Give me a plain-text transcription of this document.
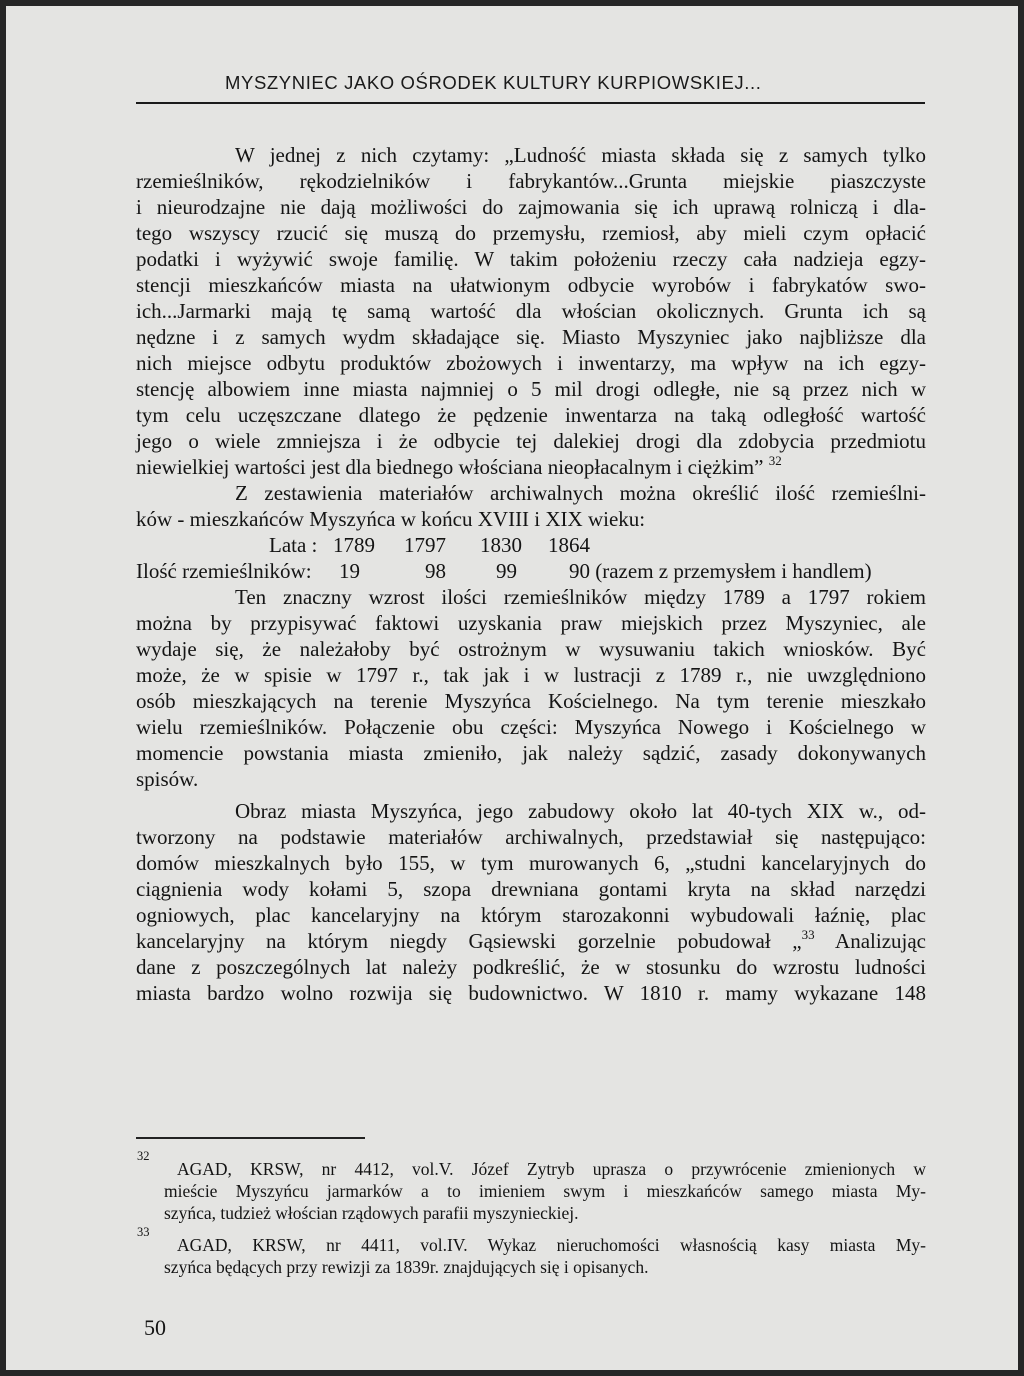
MYSZYNIEC JAKO OŚRODEK KULTURY KURPIOWSKIEJ...
W jednej z nich czytamy: „Ludność miasta składa się z samych tylko
rzemieślników, rękodzielników i fabrykantów...Grunta miejskie piaszczyste
i nieurodzajne nie dają możliwości do zajmowania się ich uprawą rolniczą i dla-
tego wszyscy rzucić się muszą do przemysłu, rzemiosł, aby mieli czym opłacić
podatki i wyżywić swoje familię. W takim położeniu rzeczy cała nadzieja egzy-
stencji mieszkańców miasta na ułatwionym odbycie wyrobów i fabrykatów swo-
ich...Jarmarki mają tę samą wartość dla włościan okolicznych. Grunta ich są
nędzne i z samych wydm składające się. Miasto Myszyniec jako najbliższe dla
nich miejsce odbytu produktów zbożowych i inwentarzy, ma wpływ na ich egzy-
stencję albowiem inne miasta najmniej o 5 mil drogi odległe, nie są przez nich w
tym celu uczęszczane dlatego że pędzenie inwentarza na taką odległość wartość
jego o wiele zmniejsza i że odbycie tej dalekiej drogi dla zdobycia przedmiotu
niewielkiej wartości jest dla biednego włościana nieopłacalnym i ciężkim” $^{32}$
Z zestawienia materiałów archiwalnych można określić ilość rzemieślni-
ków - mieszkańców Myszyńca w końcu XVIII i XIX wieku:
Lata : 1789 1797 1830 1864
Ilość rzemieślników: 19	98 99 90 (razem z przemysłem i handlem)
Ten znaczny wzrost ilości rzemieślników między 1789 a 1797 rokiem
można by przypisywać faktowi uzyskania praw miejskich przez Myszyniec, ale
wydaje się, że należałoby być ostrożnym w wysuwaniu takich wniosków. Być
może, że w spisie w 1797 r., tak jak i w lustracji z 1789 r., nie uwzględniono
osób mieszkających na terenie Myszyńca Kościelnego. Na tym terenie mieszkało
wielu rzemieślników. Połączenie obu części: Myszyńca Nowego i Kościelnego w
momencie powstania miasta zmieniło, jak należy sądzić, zasady dokonywanych
spisów.
Obraz miasta Myszyńca, jego zabudowy około lat 40-tych XIX w., od-
tworzony na podstawie materiałów archiwalnych, przedstawiał się następująco:
domów mieszkalnych było 155, w tym murowanych 6, „studni kancelaryjnych do
ciągnienia wody kołami 5, szopa drewniana gontami kryta na skład narzędzi
ogniowych, plac kancelaryjny na którym starozakonni wybudowali łaźnię, plac
kancelaryjny na którym niegdy Gąsiewski gorzelnie pobudował „$^{33}$ Analizując
dane z poszczególnych lat należy podkreślić, że w stosunku do wzrostu ludności
miasta bardzo wolno rozwija się budownictwo. W 1810 r. mamy wykazane 148
32
AGAD, KRSW, nr 4412, vol.V. Józef Zytryb uprasza o przywrócenie zmienionych w
mieście Myszyńcu jarmarków a to imieniem swym i mieszkańców samego miasta My-
szyńca, tudzież włościan rządowych parafii myszynieckiej.
33
AGAD, KRSW, nr 4411, vol.IV. Wykaz nieruchomości własnością kasy miasta My-
szyńca będących przy rewizji za 1839r. znajdujących się i opisanych.
50
